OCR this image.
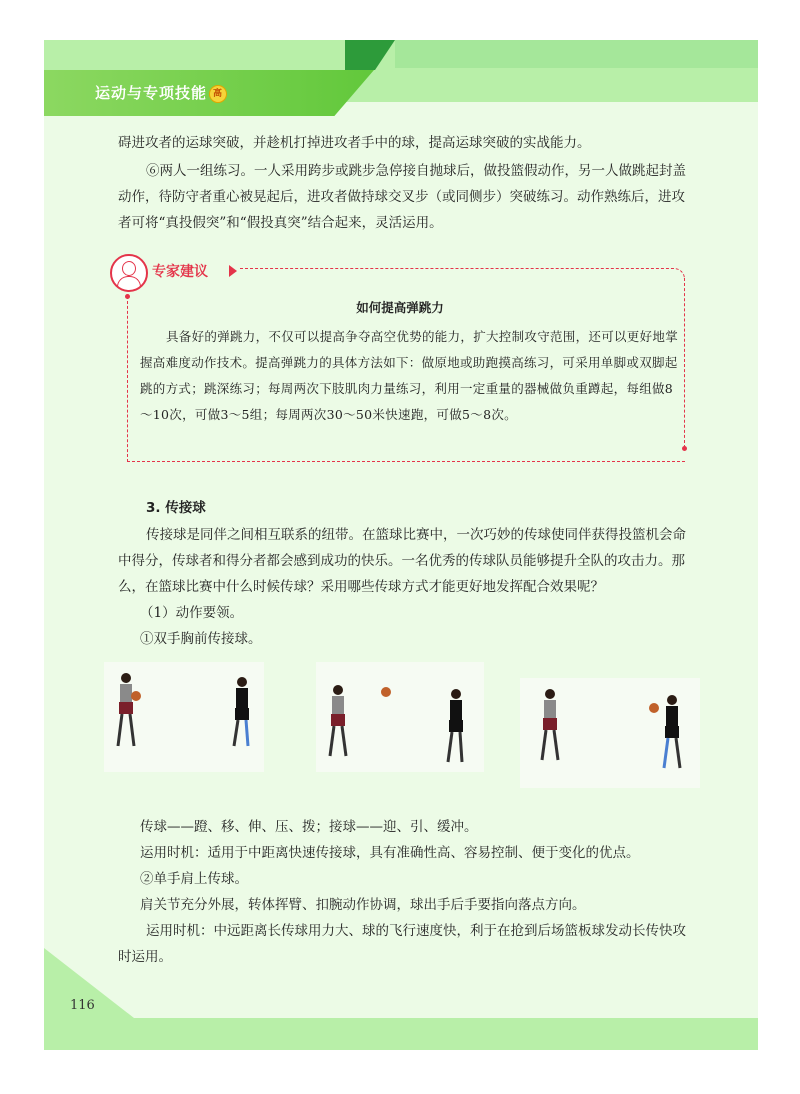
运动与专项技能 高

碍进攻者的运球突破，并趁机打掉进攻者手中的球，提高运球突破的实战能力。

⑥两人一组练习。一人采用跨步或跳步急停接自抛球后，做投篮假动作，另一人做跳起封盖动作，待防守者重心被晃起后，进攻者做持球交叉步（或同侧步）突破练习。动作熟练后，进攻者可将“真投假突”和“假投真突”结合起来，灵活运用。

专家建议
如何提高弹跳力

具备好的弹跳力，不仅可以提高争夺高空优势的能力，扩大控制攻守范围，还可以更好地掌握高难度动作技术。提高弹跳力的具体方法如下：做原地或助跑摸高练习，可采用单脚或双脚起跳的方式；跳深练习；每周两次下肢肌肉力量练习，利用一定重量的器械做负重蹲起，每组做8～10次，可做3～5组；每周两次30～50米快速跑，可做5～8次。

3. 传接球

传接球是同伴之间相互联系的纽带。在篮球比赛中，一次巧妙的传球使同伴获得投篮机会命中得分，传球者和得分者都会感到成功的快乐。一名优秀的传球队员能够提升全队的攻击力。那么，在篮球比赛中什么时候传球？采用哪些传球方式才能更好地发挥配合效果呢？

（1）动作要领。

①双手胸前传接球。

传球——蹬、移、伸、压、拨；接球——迎、引、缓冲。

运用时机：适用于中距离快速传接球，具有准确性高、容易控制、便于变化的优点。

②单手肩上传球。

肩关节充分外展，转体挥臂、扣腕动作协调，球出手后手要指向落点方向。

运用时机：中远距离长传球用力大、球的飞行速度快，利于在抢到后场篮板球发动长传快攻时运用。

116
